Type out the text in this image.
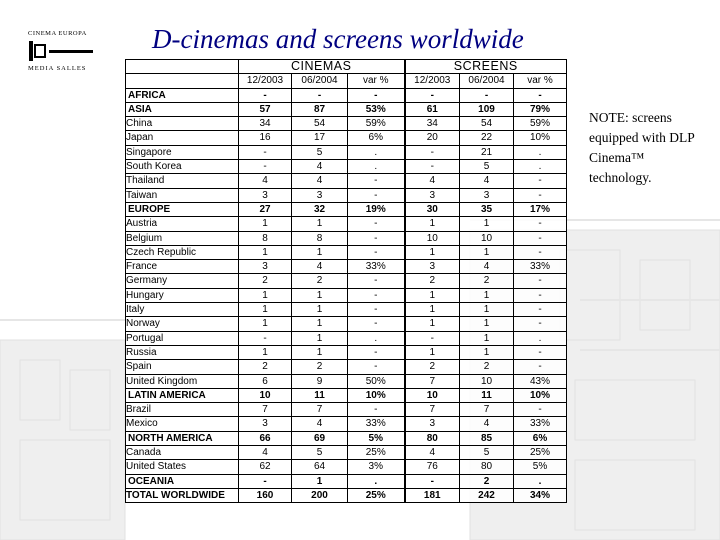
CINEMA EUROPA
MEDIA SALLES
D-cinemas and screens worldwide
NOTE: screens equipped with DLP Cinema™ technology.
	CINEMAS			SCREENS		
	12/2003	06/2004	var %	12/2003	06/2004	var %
AFRICA	-	-	-	-	-	-
ASIA	57	87	53%	61	109	79%
China	34	54	59%	34	54	59%
Japan	16	17	6%	20	22	10%
Singapore	-	5	.	-	21	.
South Korea	-	4	.	-	5	.
Thailand	4	4	-	4	4	-
Taiwan	3	3	-	3	3	-
EUROPE	27	32	19%	30	35	17%
Austria	1	1	-	1	1	-
Belgium	8	8	-	10	10	-
Czech Republic	1	1	-	1	1	-
France	3	4	33%	3	4	33%
Germany	2	2	-	2	2	-
Hungary	1	1	-	1	1	-
Italy	1	1	-	1	1	-
Norway	1	1	-	1	1	-
Portugal	-	1	.	-	1	.
Russia	1	1	-	1	1	-
Spain	2	2	-	2	2	-
United Kingdom	6	9	50%	7	10	43%
LATIN AMERICA	10	11	10%	10	11	10%
Brazil	7	7	-	7	7	-
Mexico	3	4	33%	3	4	33%
NORTH AMERICA	66	69	5%	80	85	6%
Canada	4	5	25%	4	5	25%
United States	62	64	3%	76	80	5%
OCEANIA	-	1	.	-	2	.
TOTAL WORLDWIDE	160	200	25%	181	242	34%
